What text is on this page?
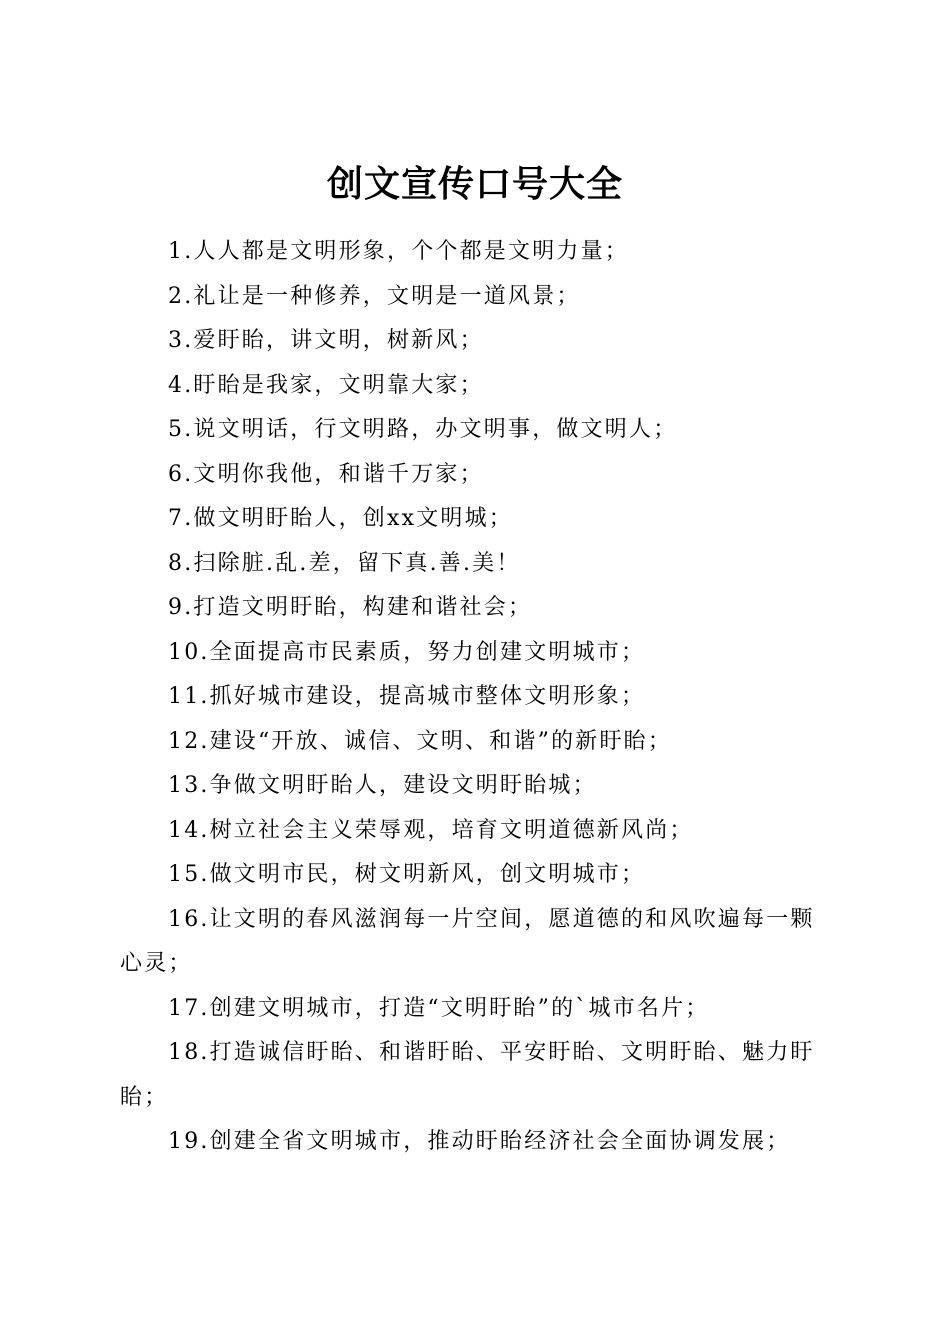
创文宣传口号大全

1.人人都是文明形象，个个都是文明力量；

2.礼让是一种修养，文明是一道风景；

3.爱盱眙，讲文明，树新风；

4.盱眙是我家，文明靠大家；

5.说文明话，行文明路，办文明事，做文明人；

6.文明你我他，和谐千万家；

7.做文明盱眙人，创xx文明城；

8.扫除脏.乱.差，留下真.善.美！

9.打造文明盱眙，构建和谐社会；

10.全面提高市民素质，努力创建文明城市；

11.抓好城市建设，提高城市整体文明形象；

12.建设“开放、诚信、文明、和谐”的新盱眙；

13.争做文明盱眙人，建设文明盱眙城；

14.树立社会主义荣辱观，培育文明道德新风尚；

15.做文明市民，树文明新风，创文明城市；

16.让文明的春风滋润每一片空间，愿道德的和风吹遍每一颗心灵；

17.创建文明城市，打造“文明盱眙”的`城市名片；

18.打造诚信盱眙、和谐盱眙、平安盱眙、文明盱眙、魅力盱眙；

19.创建全省文明城市，推动盱眙经济社会全面协调发展；
